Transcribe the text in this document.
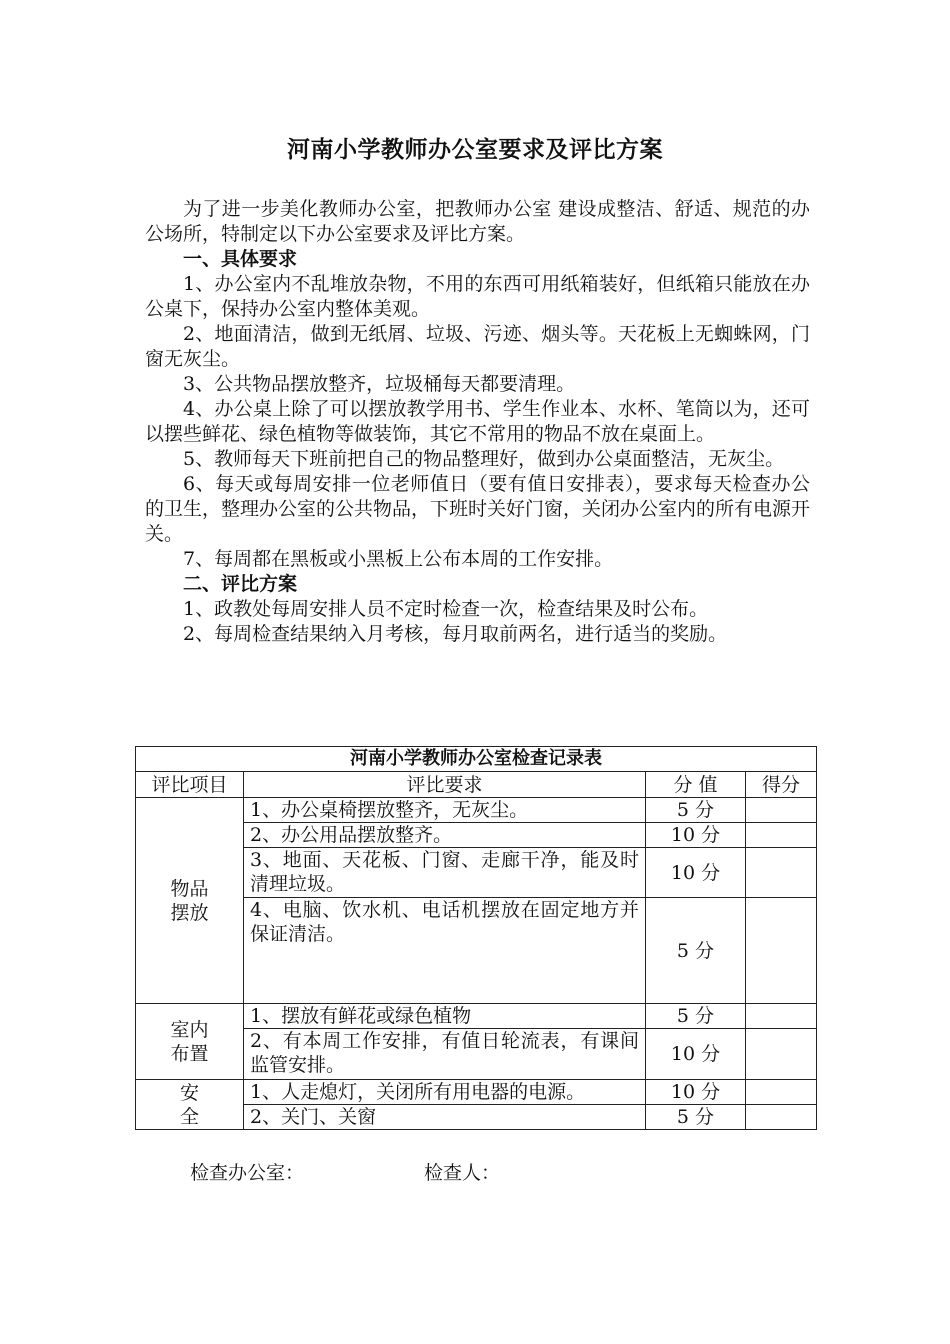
河南小学教师办公室要求及评比方案

为了进一步美化教师办公室，把教师办公室 建设成整洁、舒适、规范的办公场所，特制定以下办公室要求及评比方案。

一、具体要求

1、办公室内不乱堆放杂物，不用的东西可用纸箱装好，但纸箱只能放在办公桌下，保持办公室内整体美观。

2、地面清洁，做到无纸屑、垃圾、污迹、烟头等。天花板上无蜘蛛网，门窗无灰尘。

3、公共物品摆放整齐，垃圾桶每天都要清理。

4、办公桌上除了可以摆放教学用书、学生作业本、水杯、笔筒以为，还可以摆些鲜花、绿色植物等做装饰，其它不常用的物品不放在桌面上。

5、教师每天下班前把自己的物品整理好，做到办公桌面整洁，无灰尘。

6、每天或每周安排一位老师值日（要有值日安排表），要求每天检查办公的卫生，整理办公室的公共物品，下班时关好门窗，关闭办公室内的所有电源开关。

7、每周都在黑板或小黑板上公布本周的工作安排。

二、评比方案

1、政教处每周安排人员不定时检查一次，检查结果及时公布。

2、每周检查结果纳入月考核，每月取前两名，进行适当的奖励。

河南小学教师办公室检查记录表			
评比项目	评比要求	分 值	得分
物品
摆放	1、办公桌椅摆放整齐，无灰尘。	5 分	
	2、办公用品摆放整齐。	10 分	
	3、地面、天花板、门窗、走廊干净，能及时清理垃圾。	10 分	
	4、电脑、饮水机、电话机摆放在固定地方并保证清洁。	5 分	
室内
布置	1、摆放有鲜花或绿色植物	5 分	
	2、有本周工作安排，有值日轮流表，有课间监管安排。	10 分	
安
全	1、人走熄灯，关闭所有用电器的电源。	10 分	
	2、关门、关窗	5 分	
检查办公室：	检查人：
